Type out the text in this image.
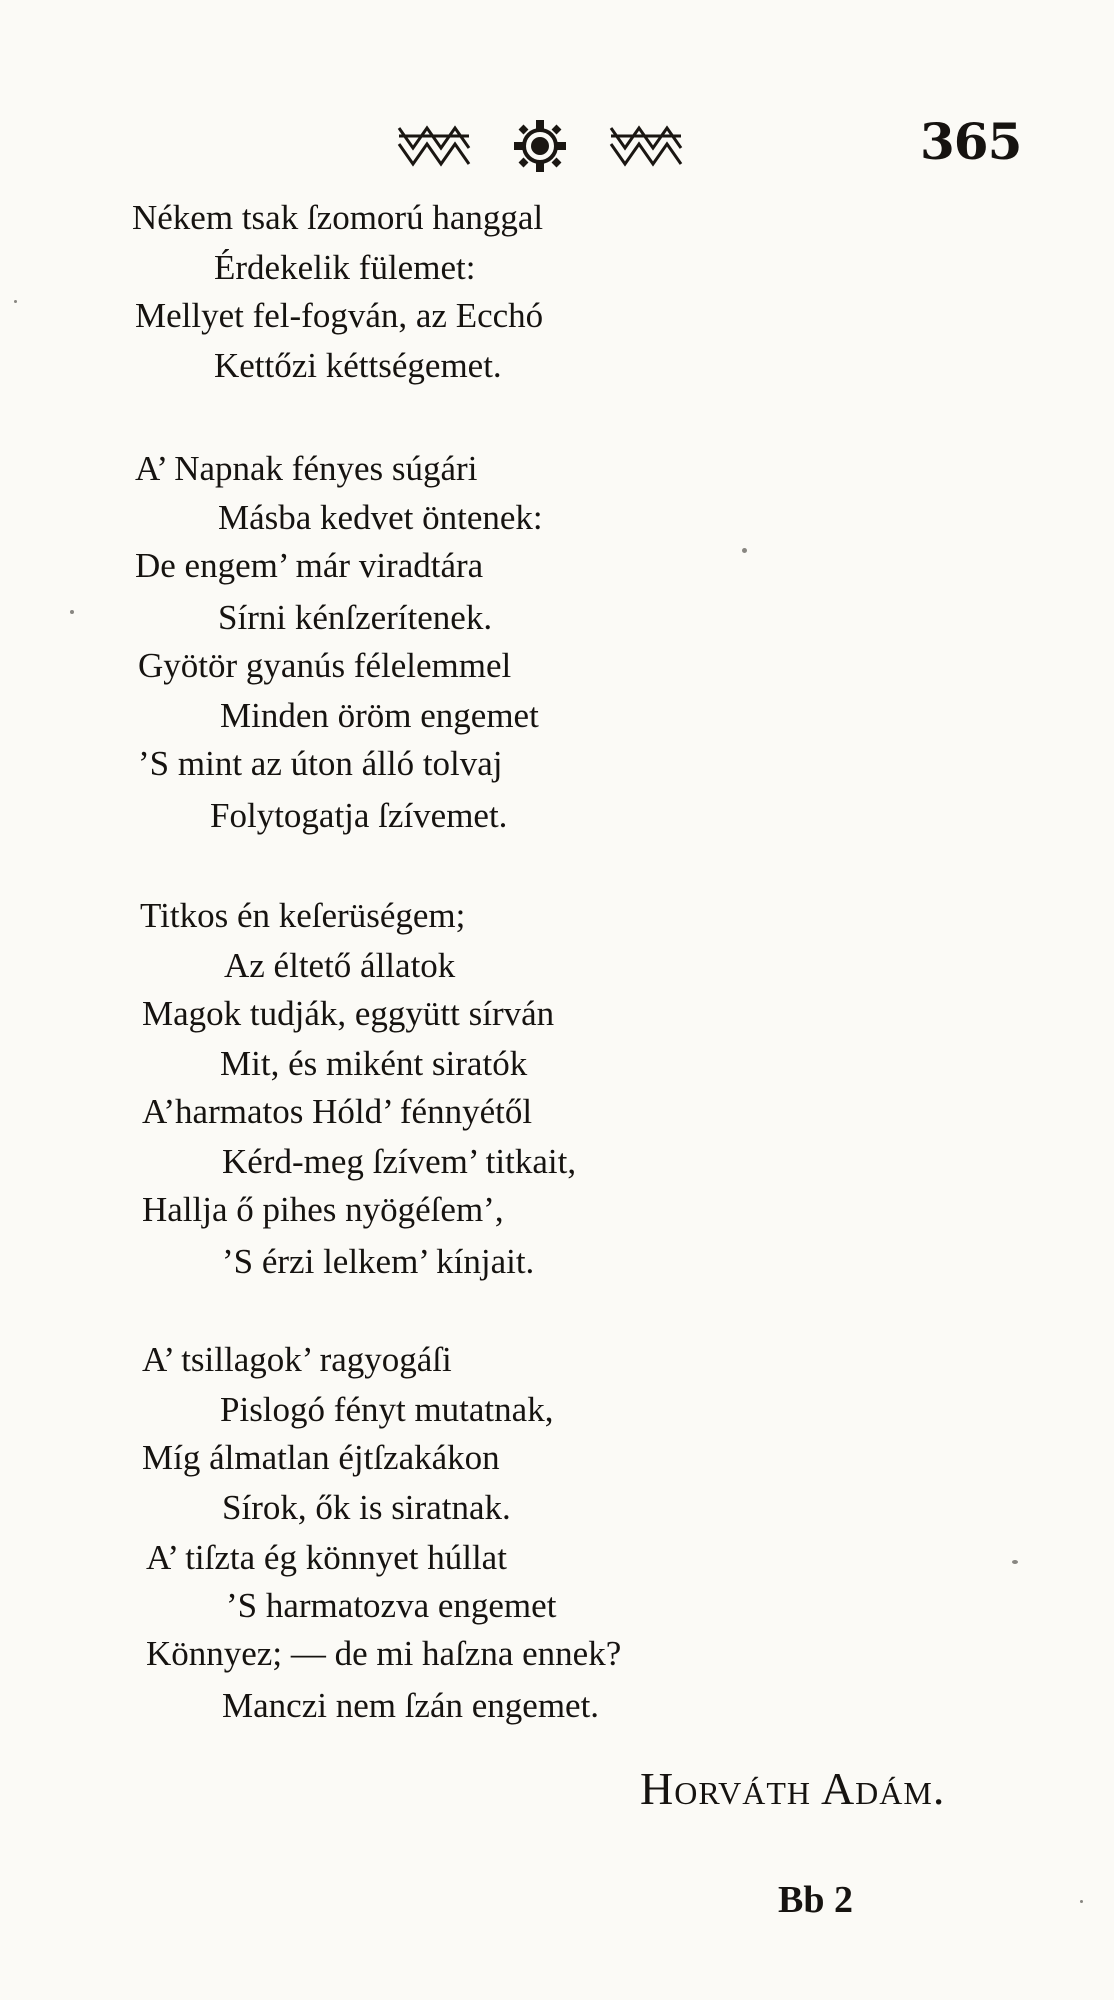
365
Nékem tsak ſzomorú hanggal
Érdekelik fülemet:
Mellyet fel-fogván, az Ecchó
Kettőzi kéttségemet.
A’ Napnak fényes súgári
Másba kedvet öntenek:
De engem’ már viradtára
Sírni kénſzerítenek.
Gyötör gyanús félelemmel
Minden öröm engemet
’S mint az úton álló tolvaj
Folytogatja ſzívemet.
Titkos én keſerüségem;
Az éltető állatok
Magok tudják, eggyütt sírván
Mit, és miként siratók
A’harmatos Hóld’ fénnyétől
Kérd-meg ſzívem’ titkait,
Hallja ő pihes nyögéſem’,
’S érzi lelkem’ kínjait.
A’ tsillagok’ ragyogáſi
Pislogó fényt mutatnak,
Míg álmatlan éjtſzakákon
Sírok, ők is siratnak.
A’ tiſzta ég könnyet húllat
’S harmatozva engemet
Könnyez; — de mi haſzna ennek?
Manczi nem ſzán engemet.
Horváth Adám.
Bb 2
